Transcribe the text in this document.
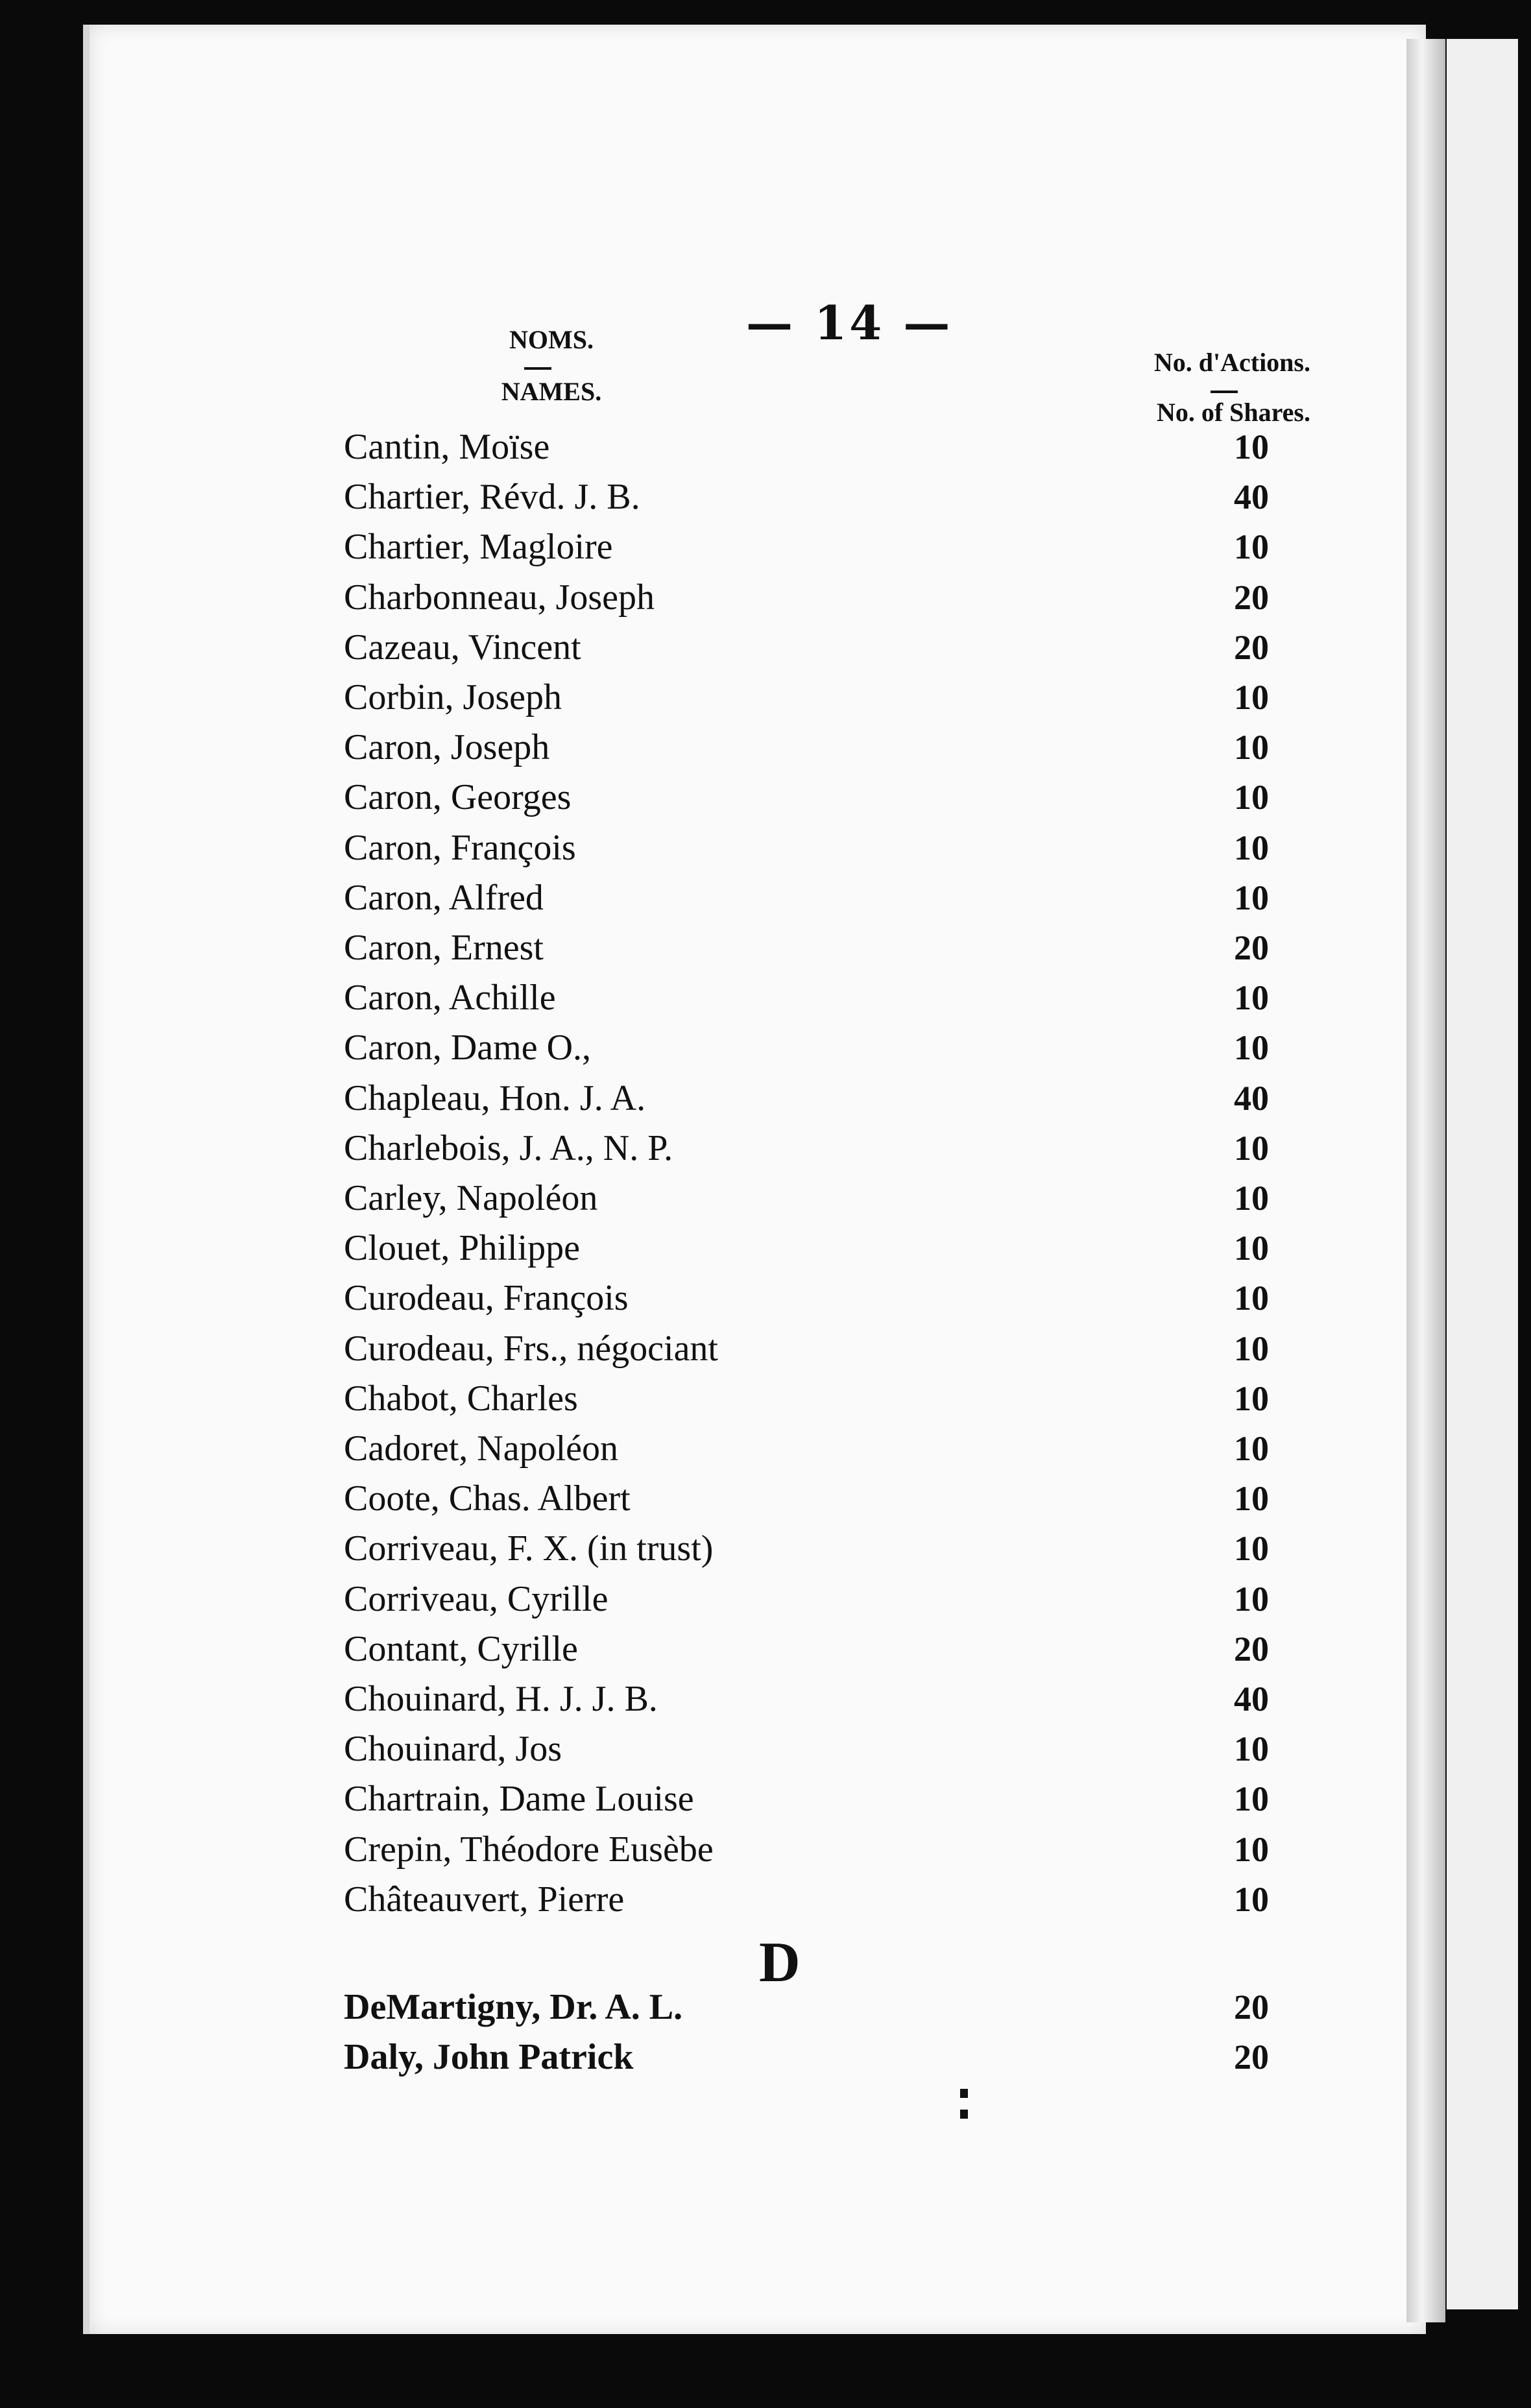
— 14 —
NOMS.
NAMES.
No. d'Actions.
No. of Shares.
Cantin, Moïse	10
Chartier, Révd. J. B.	40
Chartier, Magloire	10
Charbonneau, Joseph	20
Cazeau, Vincent	20
Corbin, Joseph	10
Caron, Joseph	10
Caron, Georges	10
Caron, François	10
Caron, Alfred	10
Caron, Ernest	20
Caron, Achille	10
Caron, Dame O.,	10
Chapleau, Hon. J. A.	40
Charlebois, J. A., N. P.	10
Carley, Napoléon	10
Clouet, Philippe	10
Curodeau, François	10
Curodeau, Frs., négociant	10
Chabot, Charles	10
Cadoret, Napoléon	10
Coote, Chas. Albert	10
Corriveau, F. X. (in trust)	10
Corriveau, Cyrille	10
Contant, Cyrille	20
Chouinard, H. J. J. B.	40
Chouinard, Jos	10
Chartrain, Dame Louise	10
Crepin, Théodore Eusèbe	10
Châteauvert, Pierre	10
D
DeMartigny, Dr. A. L.	20
Daly, John Patrick	20
